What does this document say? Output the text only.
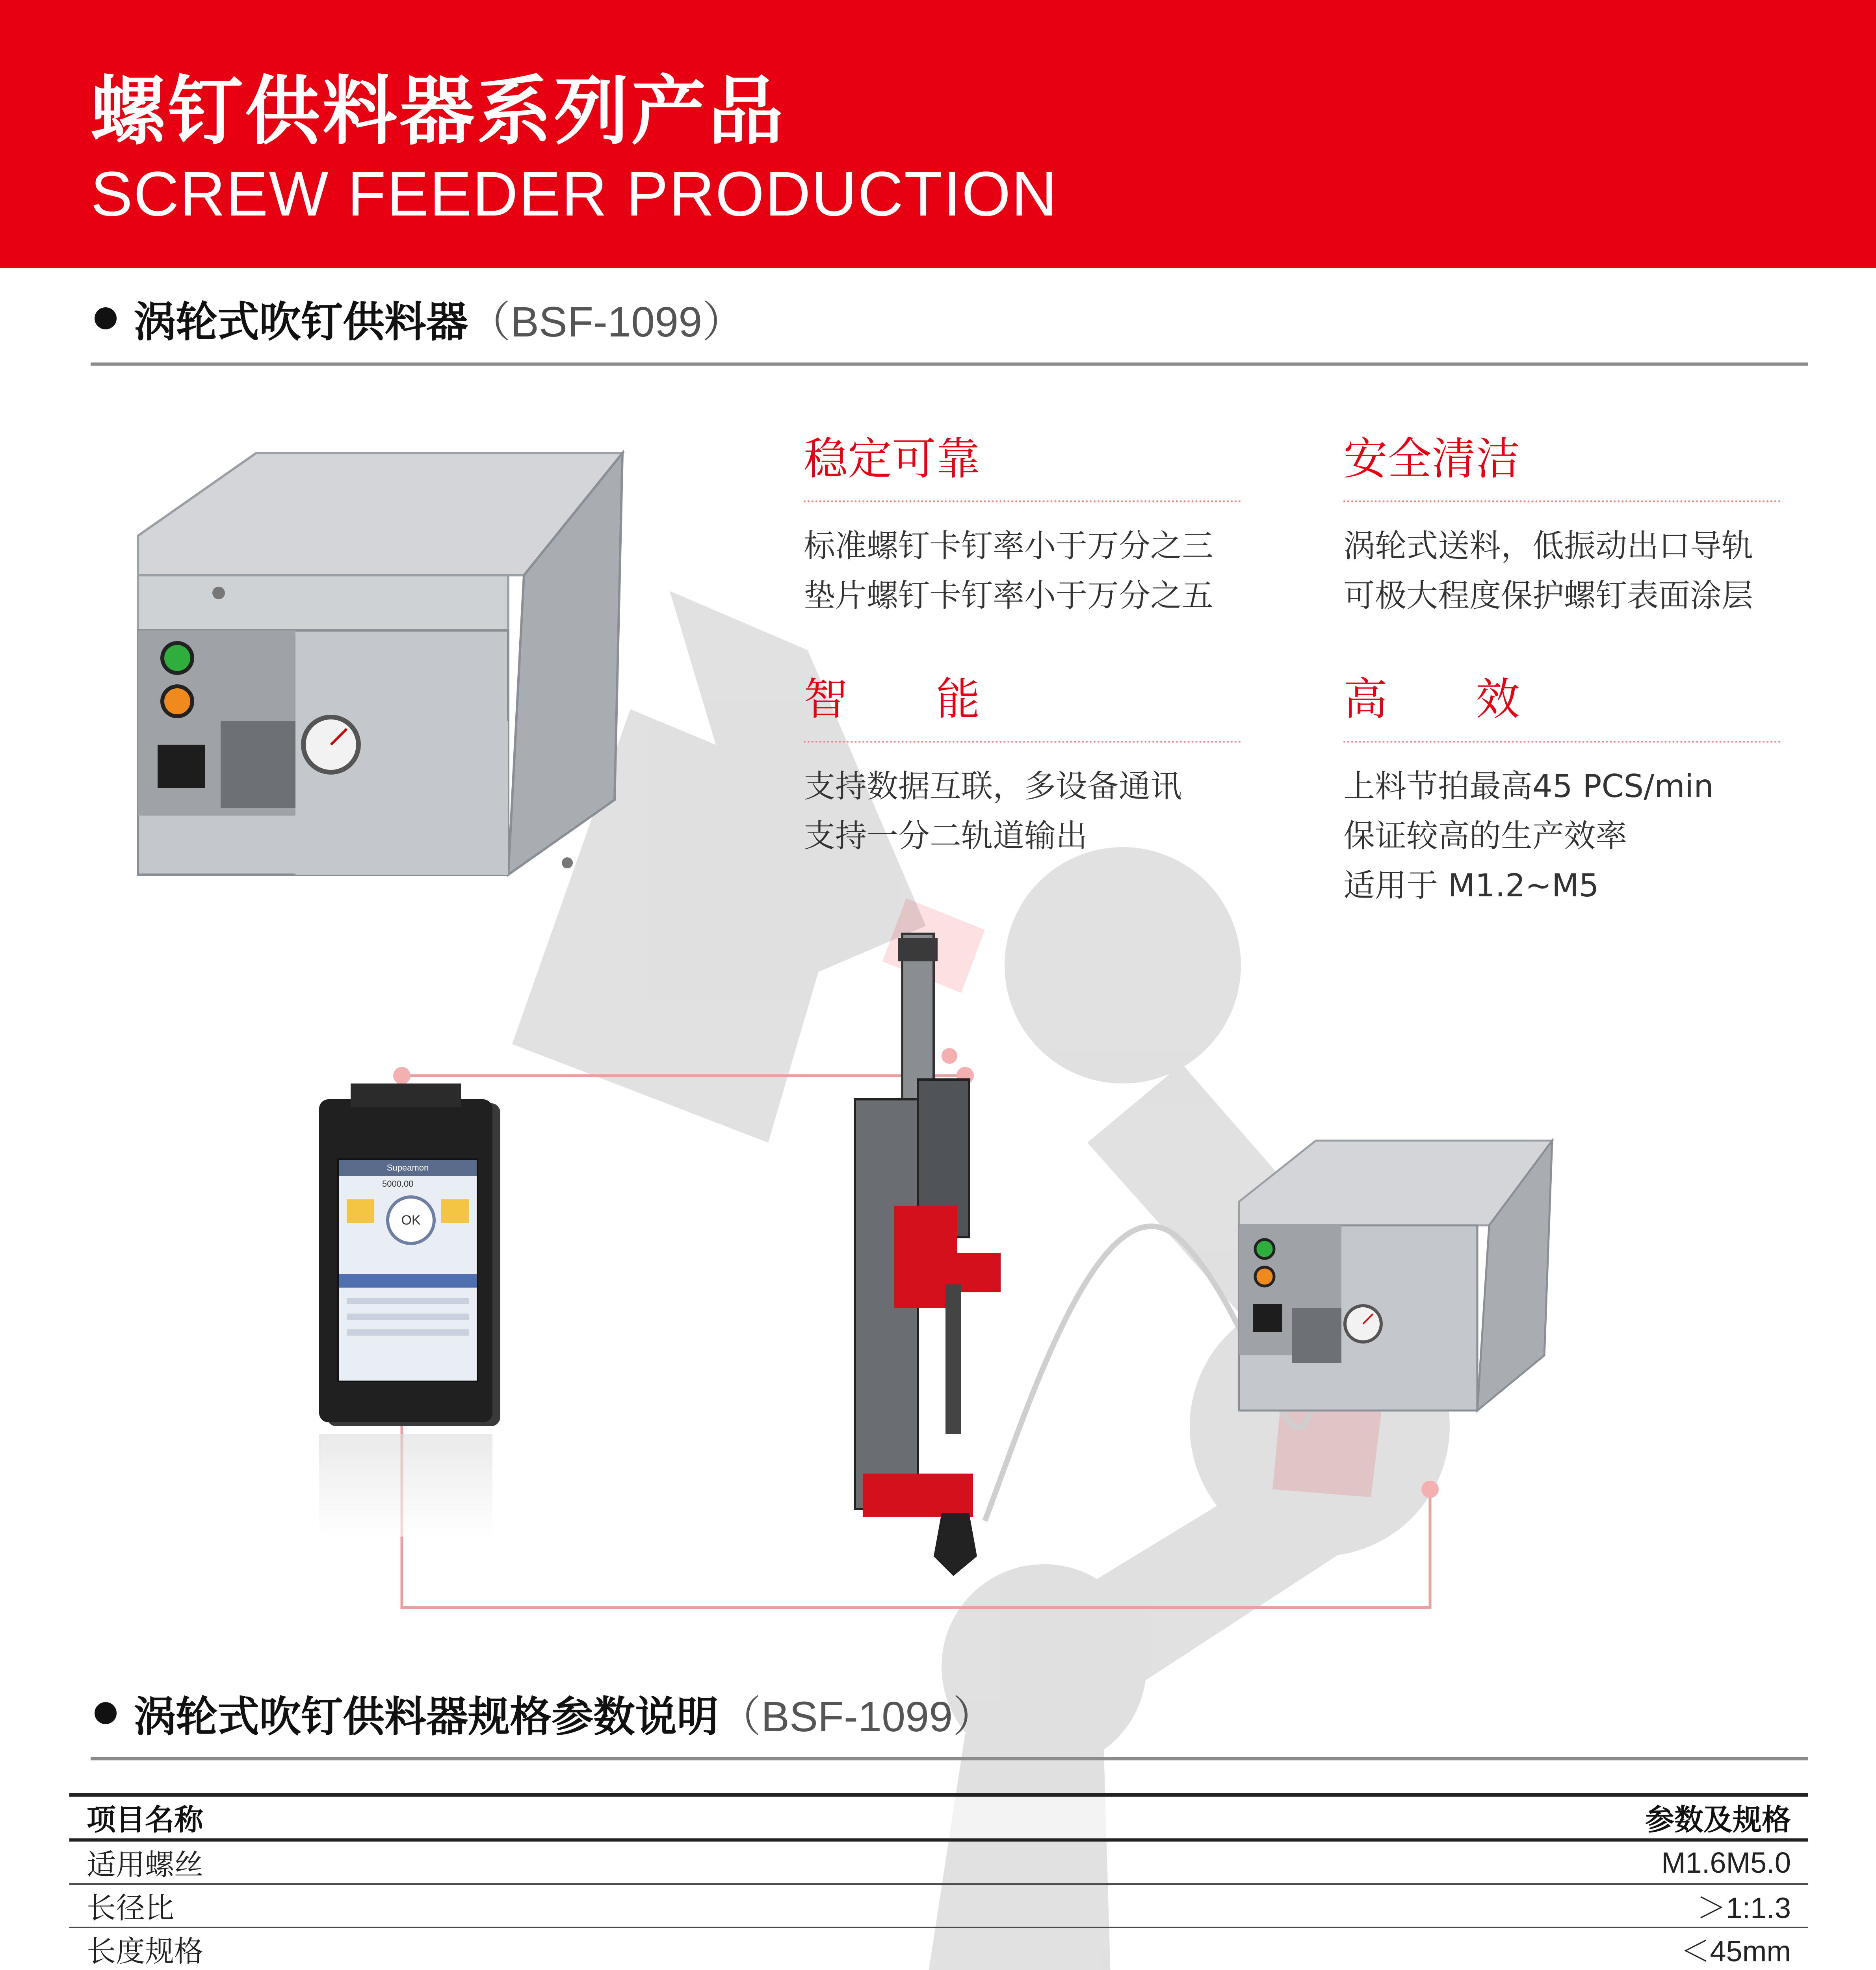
螺钉供料器系列产品
SCREW FEEDER PRODUCTION
涡轮式吹钉供料器（BSF-1099）
稳定可靠
标准螺钉卡钉率小于万分之三
垫片螺钉卡钉率小于万分之五
安全清洁
涡轮式送料，低振动出口导轨
可极大程度保护螺钉表面涂层
智　　能
支持数据互联，多设备通讯
支持一分二轨道输出
高　　效
上料节拍最高45 PCS/min
保证较高的生产效率
适用于 M1.2~M5
Supeamon
OK
5000.00
涡轮式吹钉供料器规格参数说明（BSF-1099）
项目名称	参数及规格
适用螺丝	M1.6M5.0
长径比	＞1:1.3
长度规格	＜45mm
